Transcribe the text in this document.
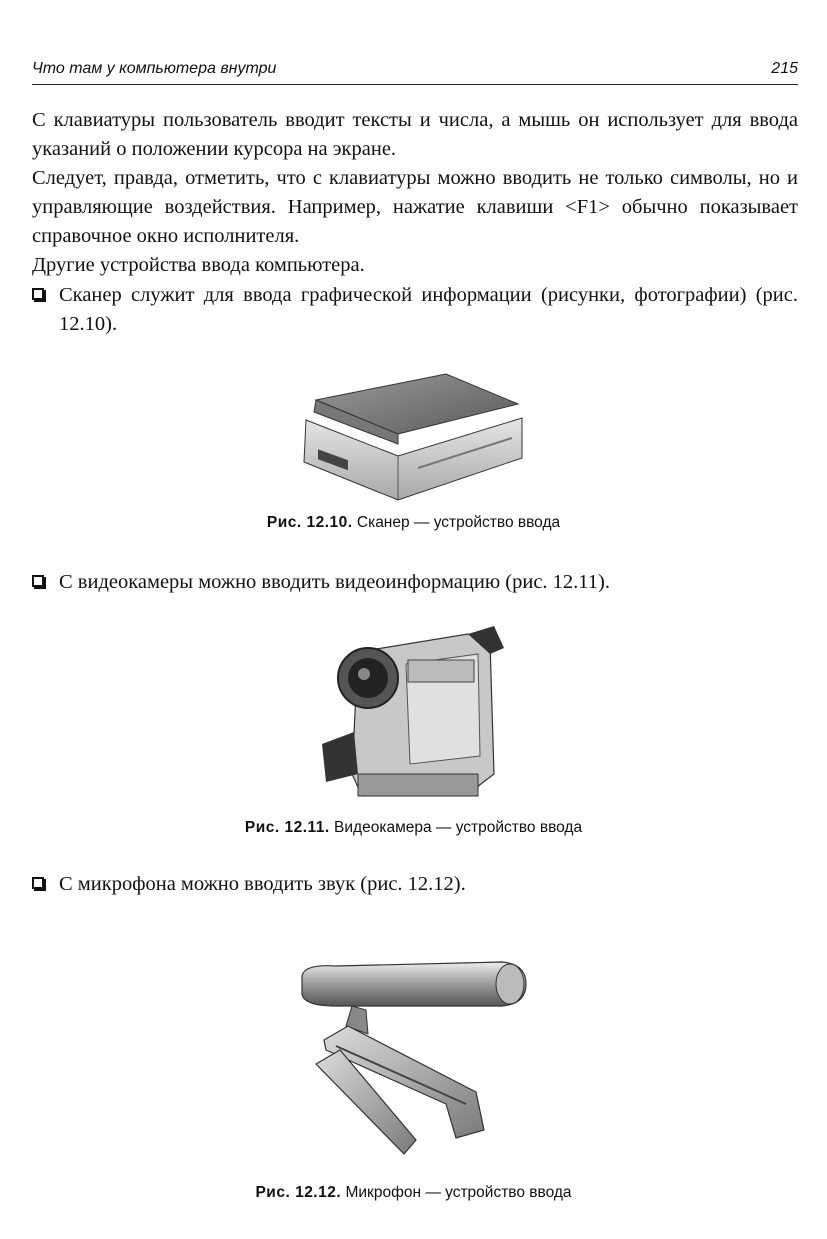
Что там у компьютера внутри	215
С клавиатуры пользователь вводит тексты и числа, а мышь он использует для ввода указаний о положении курсора на экране.
Следует, правда, отметить, что с клавиатуры можно вводить не только символы, но и управляющие воздействия. Например, нажатие клавиши <F1> обычно показывает справочное окно исполнителя.
Другие устройства ввода компьютера.
Сканер служит для ввода графической информации (рисунки, фотографии) (рис. 12.10).
Рис. 12.10. Сканер — устройство ввода
С видеокамеры можно вводить видеоинформацию (рис. 12.11).
Рис. 12.11. Видеокамера — устройство ввода
С микрофона можно вводить звук (рис. 12.12).
Рис. 12.12. Микрофон — устройство ввода
